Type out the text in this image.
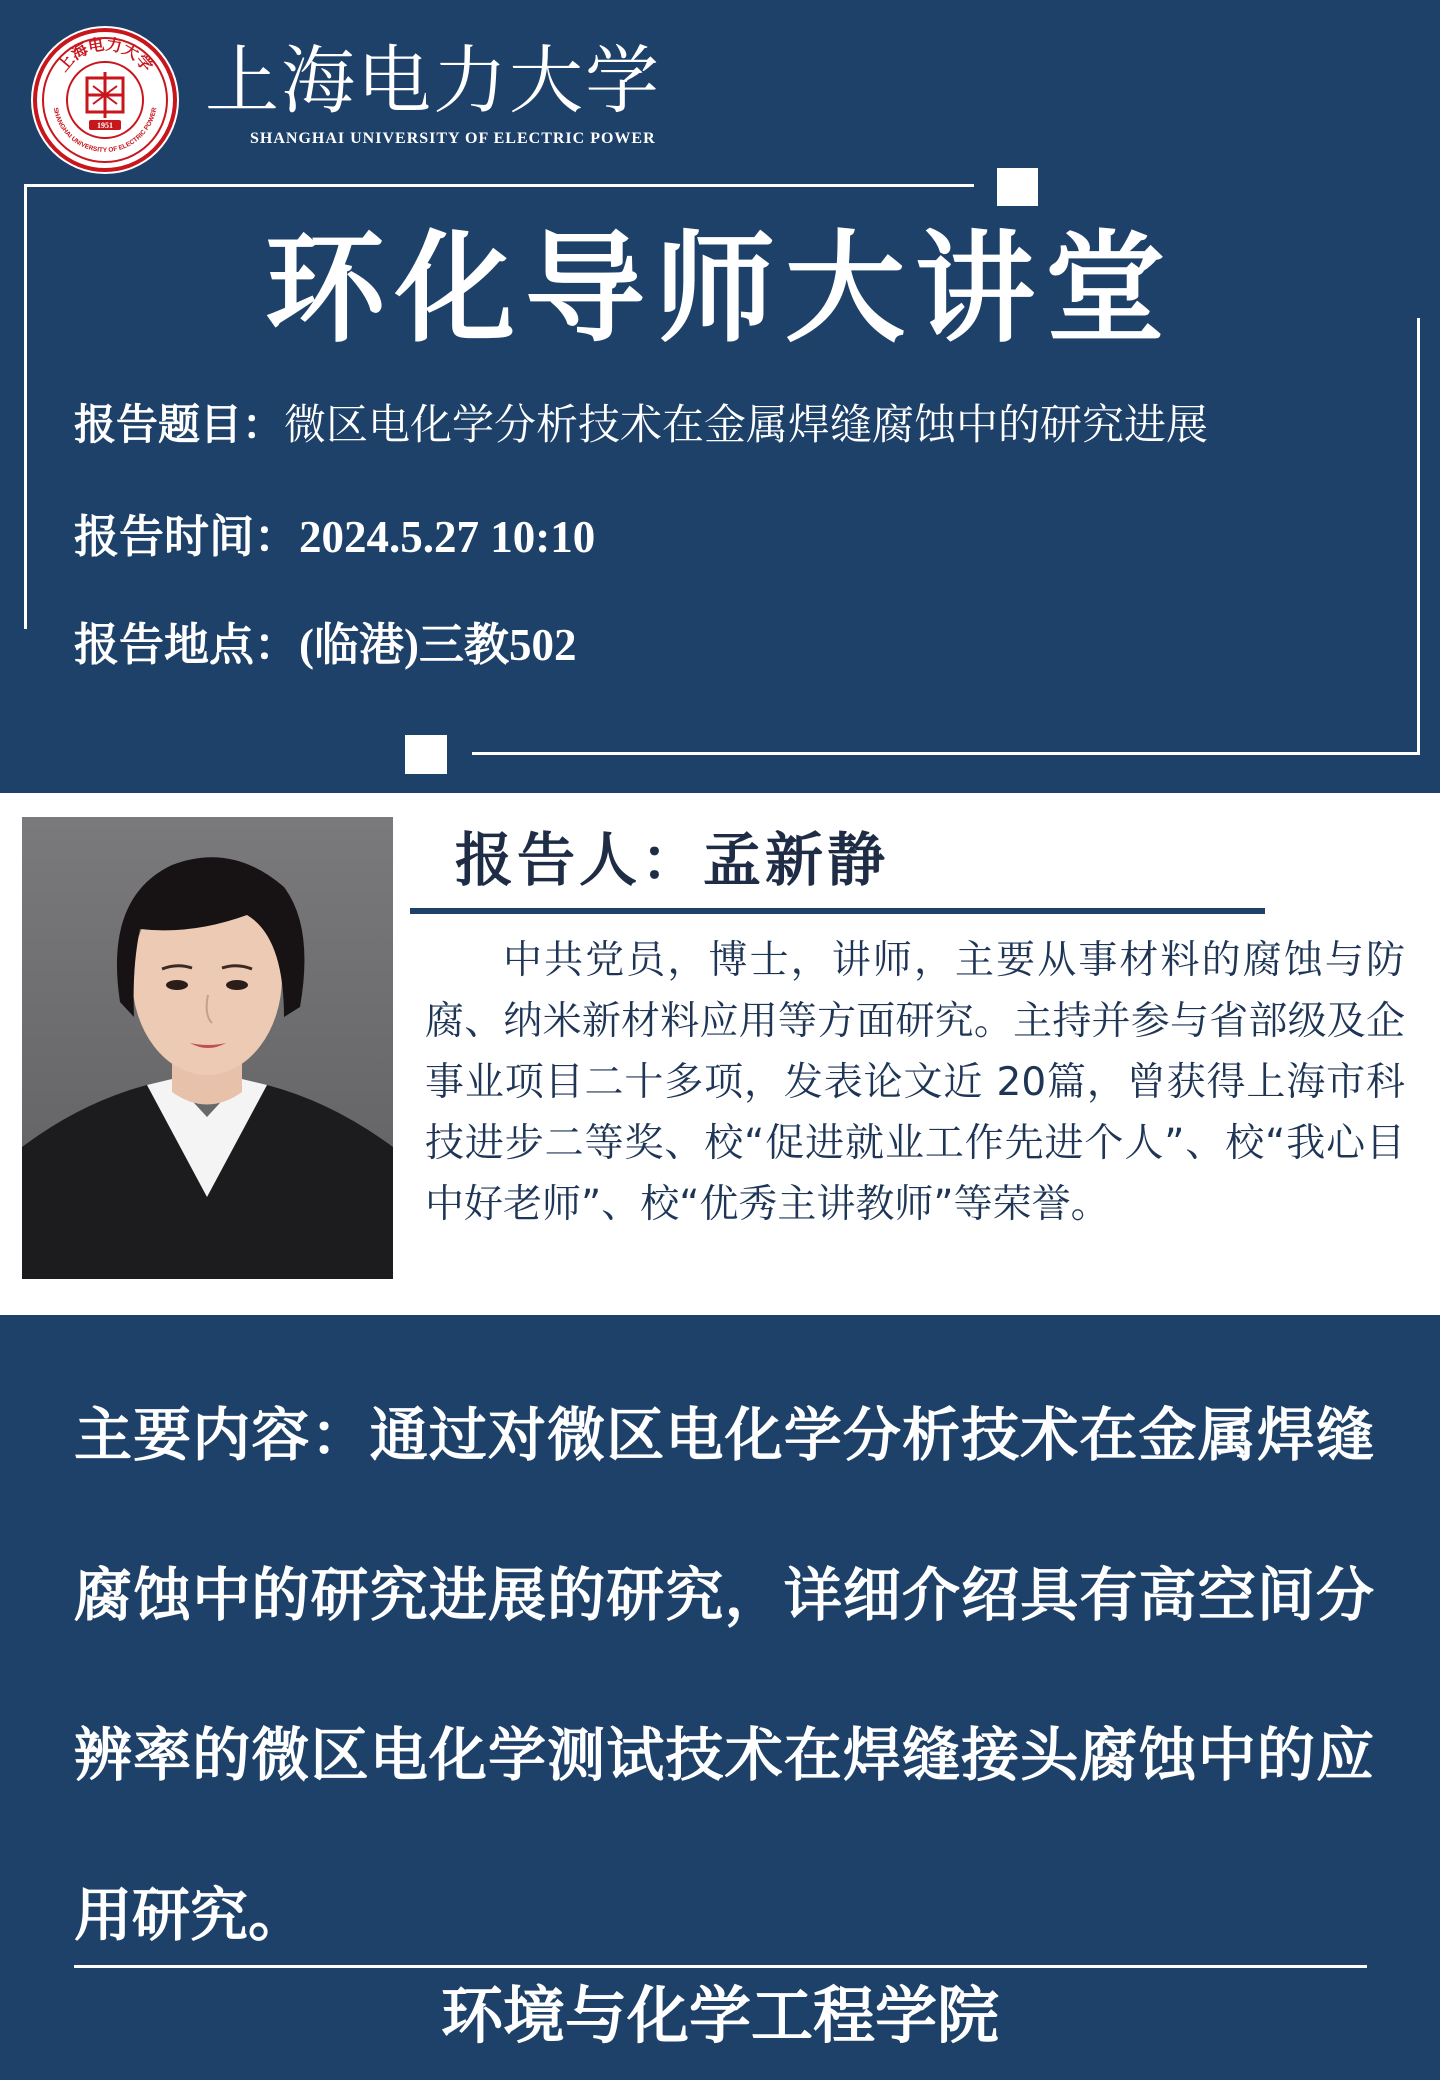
上海电力大学
SHANGHAI UNIVERSITY OF ELECTRIC POWER
1951
上海电力大学
SHANGHAI UNIVERSITY OF ELECTRIC POWER
环化导师大讲堂
报告题目：微区电化学分析技术在金属焊缝腐蚀中的研究进展
报告时间：2024.5.27 10:10
报告地点：(临港)三教502
报告人：孟新静

中共党员，博士，讲师，主要从事材料的腐蚀与防腐、纳米新材料应用等方面研究。主持并参与省部级及企事业项目二十多项，发表论文近 20篇，曾获得上海市科技进步二等奖、校“促进就业工作先进个人”、校“我心目中好老师”、校“优秀主讲教师”等荣誉。

主要内容：通过对微区电化学分析技术在金属焊缝腐蚀中的研究进展的研究，详细介绍具有高空间分辨率的微区电化学测试技术在焊缝接头腐蚀中的应用研究。

环境与化学工程学院
